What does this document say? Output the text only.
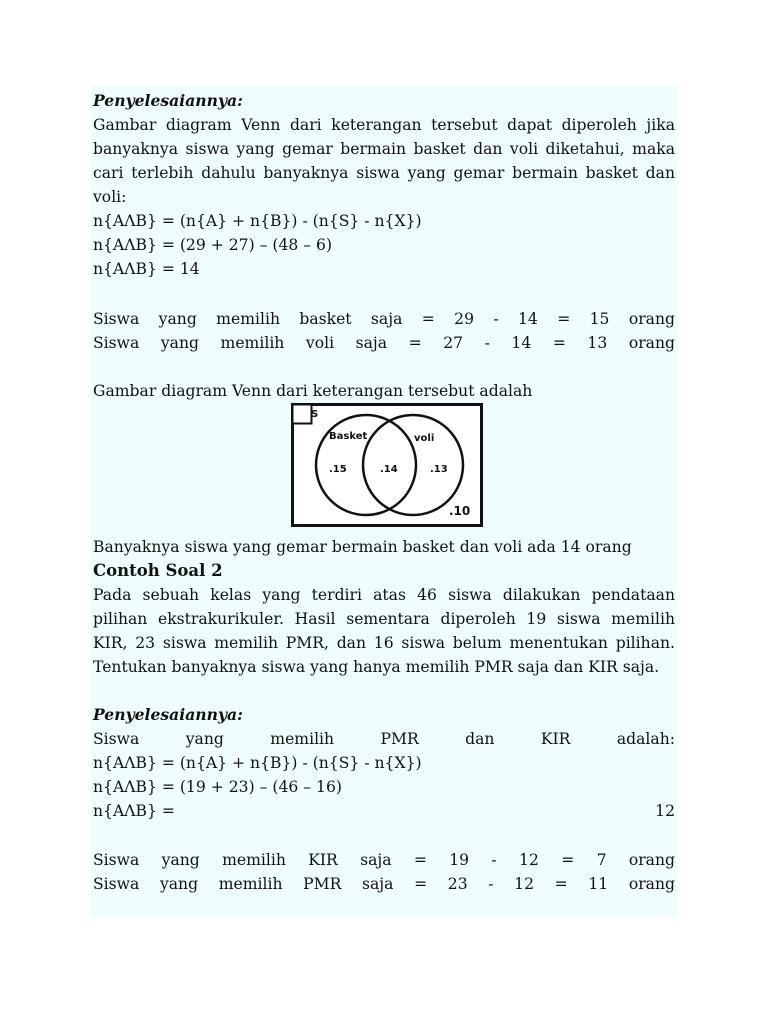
Penyelesaiannya:
Gambar diagram Venn dari keterangan tersebut dapat diperoleh jika
banyaknya siswa yang gemar bermain basket dan voli diketahui, maka
cari terlebih dahulu banyaknya siswa yang gemar bermain basket dan
voli:
n{AΛB} = (n{A} + n{B}) - (n{S} - n{X})
n{AΛB} = (29 + 27) – (48 – 6)
n{AΛB} = 14
Siswa yang memilih basket saja = 29 - 14 = 15 orang
Siswa yang memilih voli saja = 27 - 14 = 13 orang
Gambar diagram Venn dari keterangan tersebut adalah
S
Basket	voli
.15	.14	.13
.10
Banyaknya siswa yang gemar bermain basket dan voli ada 14 orang
Contoh Soal 2
Pada sebuah kelas yang terdiri atas 46 siswa dilakukan pendataan
pilihan ekstrakurikuler. Hasil sementara diperoleh 19 siswa memilih
KIR, 23 siswa memilih PMR, dan 16 siswa belum menentukan pilihan.
Tentukan banyaknya siswa yang hanya memilih PMR saja dan KIR saja.
Penyelesaiannya:
Siswa yang memilih PMR dan KIR adalah:
n{AΛB} = (n{A} + n{B}) - (n{S} - n{X})
n{AΛB} = (19 + 23) – (46 – 16)
n{AΛB} =	12
Siswa yang memilih KIR saja = 19 - 12 = 7 orang
Siswa yang memilih PMR saja = 23 - 12 = 11 orang
